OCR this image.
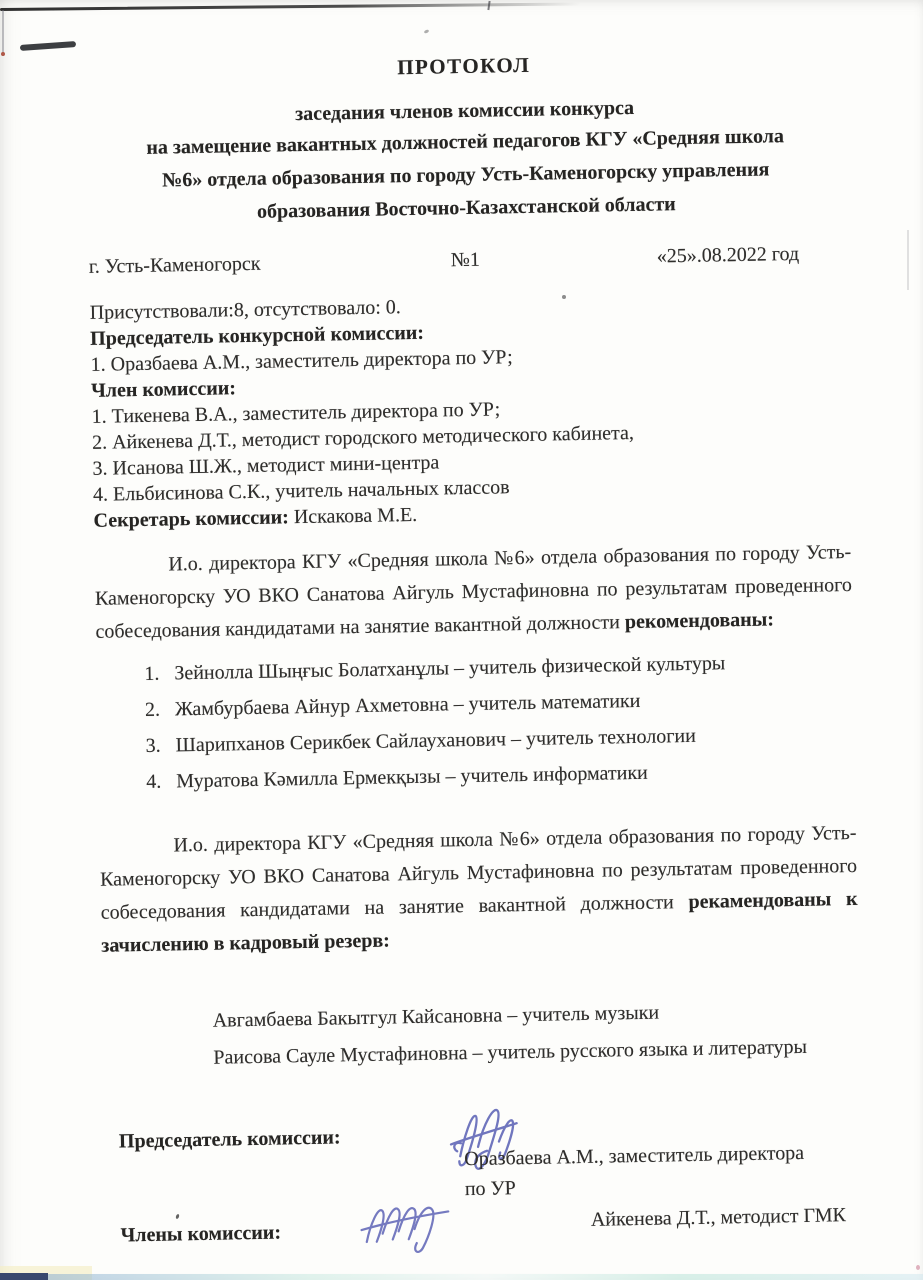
ПРОТОКОЛ
заседания членов комиссии конкурса
на замещение вакантных должностей педагогов КГУ «Средняя школа
№6» отдела образования по городу Усть-Каменогорску управления
образования Восточно-Казахстанской области
г. Усть-Каменогорск	№1	«25».08.2022 год
Присутствовали:8, отсутствовало: 0.
Председатель конкурсной комиссии:
1. Оразбаева А.М., заместитель директора по УР;
Член комиссии:
1. Тикенева В.А., заместитель директора по УР;
2. Айкенева Д.Т., методист городского методического кабинета,
3. Исанова Ш.Ж., методист мини-центра
4. Ельбисинова С.К., учитель начальных классов
Секретарь комиссии: Искакова М.Е.
И.о. директора КГУ «Средняя школа №6» отдела образования по городу Усть-Каменогорску УО ВКО Санатова Айгуль Мустафиновна по результатам проведенного собеседования кандидатами на занятие вакантной должности рекомендованы:
1. Зейнолла Шыңғыс Болатханұлы – учитель физической культуры
2. Жамбурбаева Айнур Ахметовна – учитель математики
3. Шарипханов Серикбек Сайлауханович – учитель технологии
4. Муратова Кәмилла Ермекқызы – учитель информатики
И.о. директора КГУ «Средняя школа №6» отдела образования по городу Усть-Каменогорску УО ВКО Санатова Айгуль Мустафиновна по результатам проведенного собеседования кандидатами на занятие вакантной должности рекамендованы к зачислению в кадровый резерв:
Авгамбаева Бакытгул Кайсановна – учитель музыки
Раисова Сауле Мустафиновна – учитель русского языка и литературы
Председатель комиссии:
Оразбаева А.М., заместитель директора
по УР
Члены комиссии:
Айкенева Д.Т., методист ГМК
